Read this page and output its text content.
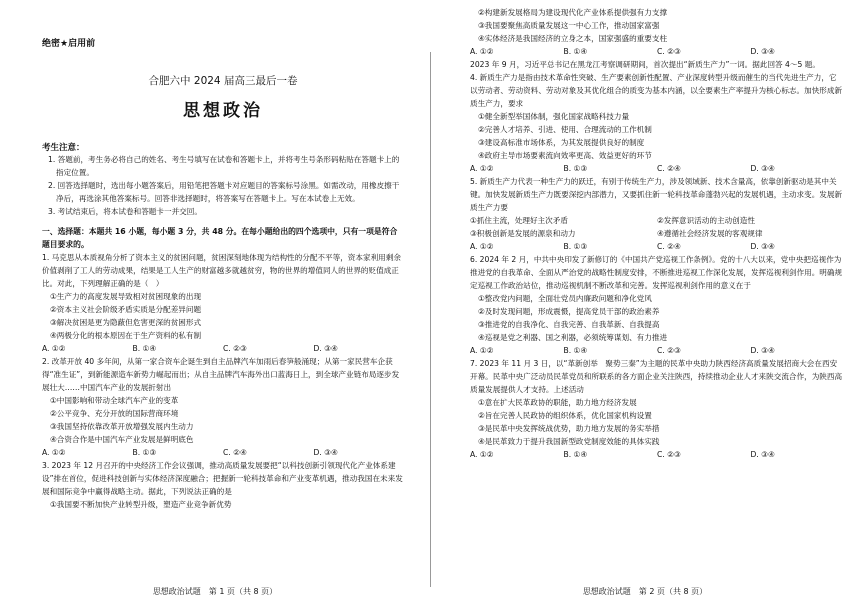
绝密★启用前
合肥六中 2024 届高三最后一卷
思想政治
考生注意：
1. 答题前，考生务必将自己的姓名、考生号填写在试卷和答题卡上，并将考生号条形码粘贴在答题卡上的指定位置。
2. 回答选择题时，选出每小题答案后，用铅笔把答题卡对应题目的答案标号涂黑。如需改动，用橡皮擦干净后，再选涂其他答案标号。回答非选择题时，将答案写在答题卡上。写在本试卷上无效。
3. 考试结束后，将本试卷和答题卡一并交回。
一、选择题：本题共 16 小题，每小题 3 分，共 48 分。在每小题给出的四个选项中，只有一项是符合题目要求的。
1. 马克思从本质视角分析了资本主义的贫困问题，贫困深刻地体现为结构性的分配不平等，资本家利用剩余价值剥削了工人的劳动成果，结果是工人生产的财富越多就越贫穷，物的世界的增值同人的世界的贬值成正比。对此，下列理解正确的是（　）
①生产力的高度发展导致相对贫困现象的出现
②资本主义社会阶级矛盾实质是分配差异问题
③解决贫困是更为隐蔽但危害更深的贫困形式
④两极分化的根本原因在于生产资料的私有制
A. ①②	B. ①④	C. ②③	D. ③④
2. 改革开放 40 多年间，从第一家合资车企诞生到自主品牌汽车加雨后春笋般涌现；从第一家民营车企获得“准生证”，到新能源造车新势力崛起而出；从自主品牌汽车海外出口蓝海日上，到全球产业链布局逐步发展壮大……中国汽车产业的发展折射出
①中国影响和带动全球汽车产业的变革
②公平竞争、充分开放的国际营商环境
③我国坚持依靠改革开放增强发展内生动力
④合资合作是中国汽车产业发展是鲜明底色
A. ①②	B. ①③	C. ②④	D. ③④
3. 2023 年 12 月召开的中央经济工作会议强调，推动高质量发展要把“以科技创新引领现代化产业体系建设”排在首位，促进科技创新与实体经济深度融合；把握新一轮科技革命和产业变革机遇，推动我国在未来发展和国际竞争中赢得战略主动。据此，下列说法正确的是
①我国要不断加快产业转型升级，塑造产业竞争新优势
思想政治试题　第 1 页（共 8 页）
②构建新发展格局为建设现代化产业体系提供强有力支撑
③我国要聚焦高质量发展这一中心工作，推动国家富强
④实体经济是我国经济的立身之本，国家强盛的重要支柱
A. ①②	B. ①④	C. ②③	D. ③④
2023 年 9 月，习近平总书记在黑龙江考察调研期间，首次提出“新质生产力”一词。据此回答 4～5 题。
4. 新质生产力是指由技术革命性突破、生产要素创新性配置、产业深度转型升级而催生的当代先进生产力，它以劳动者、劳动资料、劳动对象及其优化组合的质变为基本内涵，以全要素生产率提升为核心标志。加快形成新质生产力，要求
①健全新型举国体制，强化国家战略科技力量
②完善人才培养、引进、使用、合理流动的工作机制
③建设高标准市场体系，为其发展提供良好的制度
④政府主导市场要素流向效率更高、效益更好的环节
A. ①②	B. ①③	C. ②④	D. ③④
5. 新质生产力代表一种生产力的跃迁，有别于传统生产力，涉及领域新、技术含量高，依靠创新驱动是其中关键。加快发展新质生产力既要深挖内部潜力，又要抓住新一轮科技革命蓬勃兴起的发展机遇，主动求变。发展新质生产力要
①抓住主流，处理好主次矛盾	②发挥意识活动的主动创造性
③积极创新是发展的源泉和动力	④遵循社会经济发展的客观规律
A. ①②	B. ①③	C. ②④	D. ③④
6. 2024 年 2 月，中共中央印发了新修订的《中国共产党巡视工作条例》。党的十八大以来，党中央把巡视作为推进党的自我革命、全面从严治党的战略性制度安排，不断推进巡视工作深化发展，发挥巡视利剑作用。明确规定巡视工作政治站位，推动巡视机制不断改革和完善。发挥巡视利剑作用的意义在于
①整改党内问题，全面壮党员内廉政问题和净化党风
②及时发现问题，形成震慑，提高党员干部的政治素养
③推进党的自我净化、自我完善、自我革新、自我提高
④巡视是党之利器、国之利器，必须统筹谋划、有力推进
A. ①②	B. ①④	C. ②③	D. ③④
7. 2023 年 11 月 3 日，以“革新创举　聚势三秦”为主题的民革中央助力陕西经济高质量发展招商大会在西安开幕。民革中央广泛动员民革党员和所联系的各方面企业关注陕西，持续推动企业人才来陕交流合作，为陕西高质量发展提供人才支持。上述活动
①意在扩大民革政协的职能，助力地方经济发展
②旨在完善人民政协的组织体系，优化国家机构设置
③是民革中央发挥统战优势，助力地方发展的务实举措
④是民革致力于提升我国新型政党制度效能的具体实践
A. ①②	B. ①④	C. ②③	D. ③④
思想政治试题　第 2 页（共 8 页）
